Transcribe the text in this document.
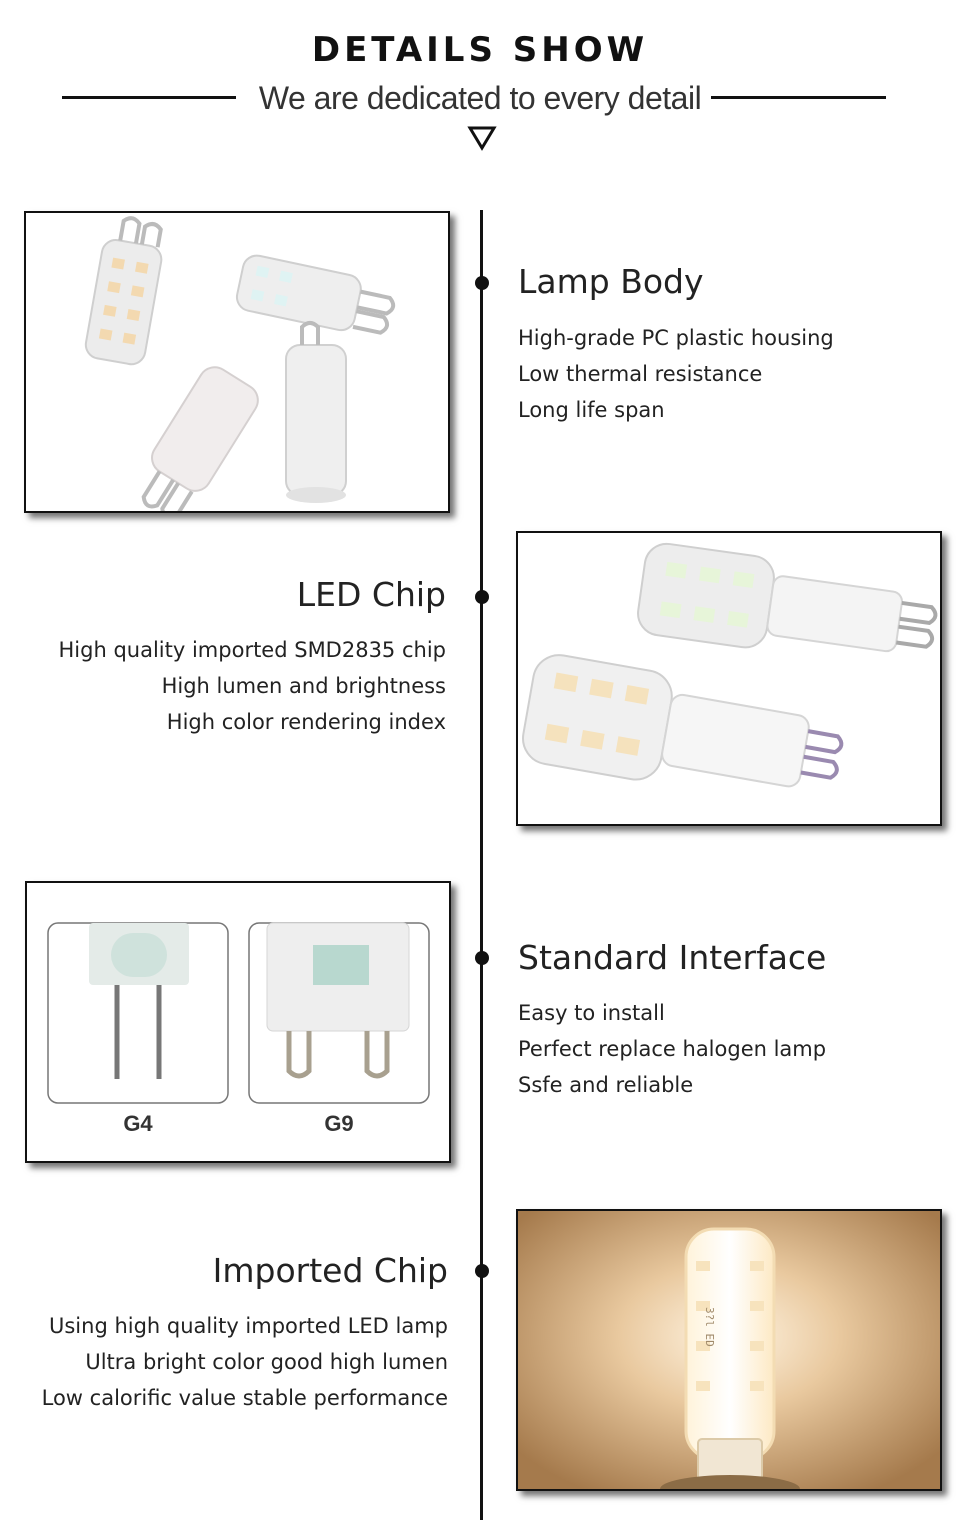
DETAILS SHOW
We are dedicated to every detail
Lamp Body
High-grade PC plastic housing
Low thermal resistance
Long life span
LED Chip
High quality imported SMD2835 chip
High lumen and brightness
High color rendering index
G4	G9
Standard Interface
Easy to install
Perfect replace halogen lamp
Ssfe and reliable
Imported Chip
Using high quality imported LED lamp
Ultra bright color good high lumen
Low calorific value stable performance
3?l ED
